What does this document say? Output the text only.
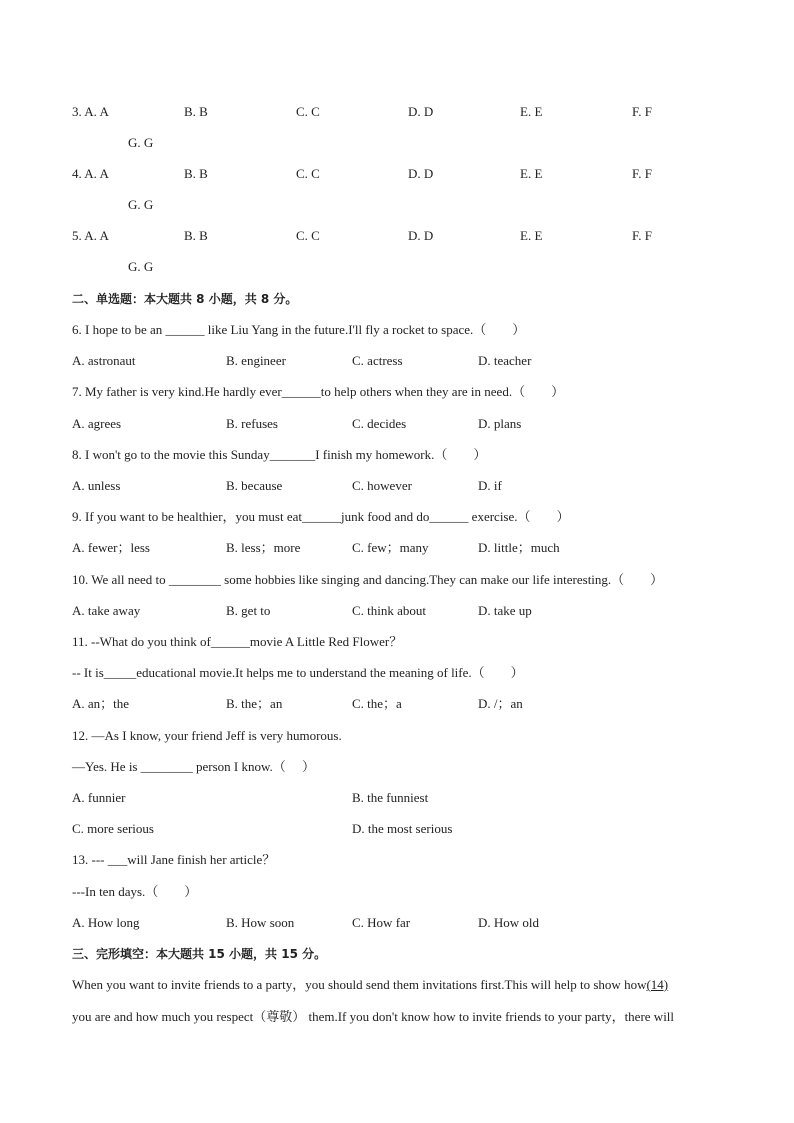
3. A. A	B. B	C. C	D. D	E. E	F. F
G. G
4. A. A	B. B	C. C	D. D	E. E	F. F
G. G
5. A. A	B. B	C. C	D. D	E. E	F. F
G. G
二、单选题：本大题共 8 小题，共 8 分。
6. I hope to be an ______ like Liu Yang in the future.I'll fly a rocket to space.（　　）
A. astronaut	B. engineer	C. actress	D. teacher
7. My father is very kind.He hardly ever______to help others when they are in need.（　　）
A. agrees	B. refuses	C. decides	D. plans
8. I won't go to the movie this Sunday_______I finish my homework.（　　）
A. unless	B. because	C. however	D. if
9. If you want to be healthier，you must eat______junk food and do______ exercise.（　　）
A. fewer；less	B. less；more	C. few；many	D. little；much
10. We all need to ________ some hobbies like singing and dancing.They can make our life interesting.（　　）
A. take away	B. get to	C. think about	D. take up
11. --What do you think of______movie A Little Red Flower？
-- It is_____educational movie.It helps me to understand the meaning of life.（　　）
A. an；the	B. the；an	C. the；a	D. /；an
12. —As I know, your friend Jeff is very humorous.
—Yes. He is ________ person I know.（　 ）
A. funnier	B. the funniest
C. more serious	D. the most serious
13. --- ___will Jane finish her article？
---In ten days.（　　）
A. How long	B. How soon	C. How far	D. How old
三、完形填空：本大题共 15 小题，共 15 分。
When you want to invite friends to a party，you should send them invitations first.This will help to show how(14)
you are and how much you respect（尊敬） them.If you don't know how to invite friends to your party，there will
